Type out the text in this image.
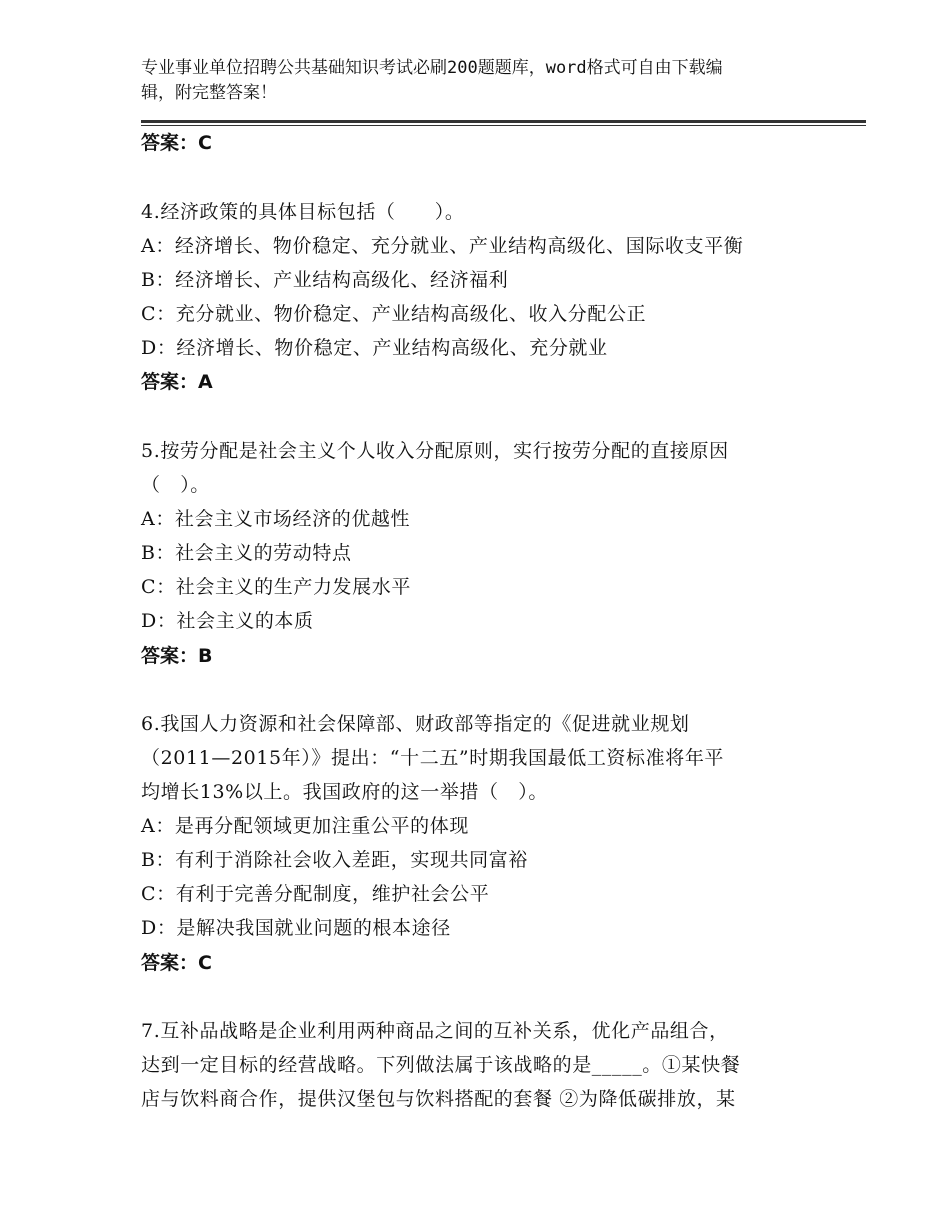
专业事业单位招聘公共基础知识考试必刷200题题库，word格式可自由下载编
辑，附完整答案！
答案：C
4.经济政策的具体目标包括（　　）。
A：经济增长、物价稳定、充分就业、产业结构高级化、国际收支平衡
B：经济增长、产业结构高级化、经济福利
C：充分就业、物价稳定、产业结构高级化、收入分配公正
D：经济增长、物价稳定、产业结构高级化、充分就业
答案：A
5.按劳分配是社会主义个人收入分配原则，实行按劳分配的直接原因
（　）。
A：社会主义市场经济的优越性
B：社会主义的劳动特点
C：社会主义的生产力发展水平
D：社会主义的本质
答案：B
6.我国人力资源和社会保障部、财政部等指定的《促进就业规划
（2011—2015年）》提出：“十二五”时期我国最低工资标准将年平
均增长13%以上。我国政府的这一举措（　）。
A：是再分配领域更加注重公平的体现
B：有利于消除社会收入差距，实现共同富裕
C：有利于完善分配制度，维护社会公平
D：是解决我国就业问题的根本途径
答案：C
7.互补品战略是企业利用两种商品之间的互补关系，优化产品组合，
达到一定目标的经营战略。下列做法属于该战略的是_____。①某快餐
店与饮料商合作，提供汉堡包与饮料搭配的套餐 ②为降低碳排放，某
